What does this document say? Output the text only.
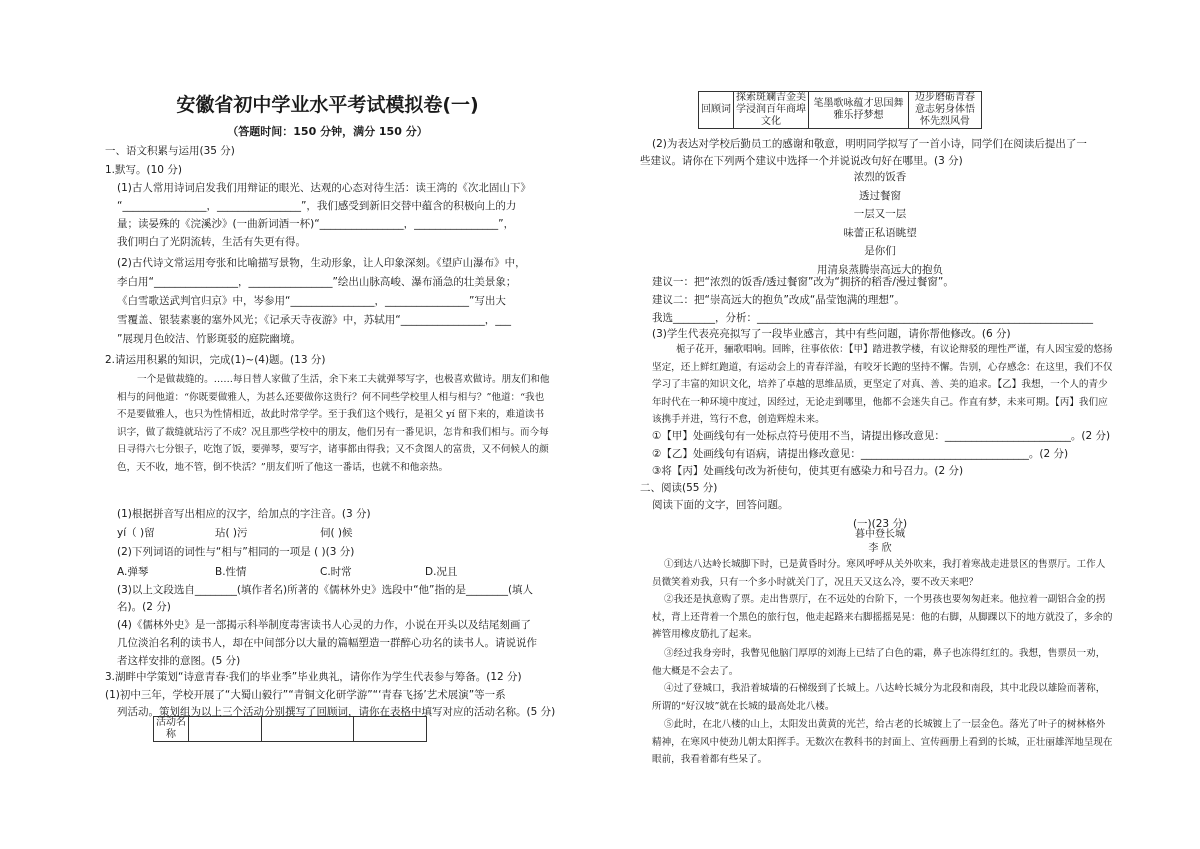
安徽省初中学业水平考试模拟卷(一)
（答题时间：150 分钟，满分 150 分）
一、语文积累与运用(35 分)
1.默写。(10 分)
(1)古人常用诗词启发我们用辩证的眼光、达观的心态对待生活：读王湾的《次北固山下》
“________________，________________”，我们感受到新旧交替中蕴含的积极向上的力
量；读晏殊的《浣溪沙》(一曲新词酒一杯)“________________，________________”，
我们明白了光阴流转，生活有失更有得。
(2)古代诗文常运用夸张和比喻描写景物，生动形象，让人印象深刻。《望庐山瀑布》中，
李白用“________________，________________”绘出山脉高峻、瀑布涌急的壮美景象；
《白雪歌送武判官归京》中，岑参用“________________，________________”写出大
雪覆盖、银装素裹的塞外风光；《记承天寺夜游》中，苏轼用“________________，___
”展现月色皎洁、竹影斑驳的庭院幽境。
2.请运用积累的知识，完成(1)~(4)题。(13 分)
一个是做裁缝的。……每日替人家做了生活，余下来工夫就弹琴写字，也极喜欢做诗。朋友们和他相与的问他道：“你既要做雅人，为甚么还要做你这贵行？何不同些学校里人相与相与？”他道：“我也不是要做雅人，也只为性情相近，故此时常学学。至于我们这个贱行，是祖父 yí 留下来的，难道读书识字，做了裁缝就玷污了不成？况且那些学校中的朋友，他们另有一番见识，怎肯和我们相与。而今每日寻得六七分银子，吃饱了饭，要弹琴，要写字，诸事都由得我；又不贪图人的富贵，又不伺候人的颜色，天不收，地不管，倒不快活？”朋友们听了他这一番话，也就不和他亲热。
(1)根据拼音写出相应的汉字，给加点的字注音。(3 分)
yí（ )留	玷( )污	伺( )候
(2)下列词语的词性与“相与”相同的一项是 ( )(3 分)
A.弹琴	B.性情	C.时常	D.况且
(3)以上文段选自________(填作者名)所著的《儒林外史》选段中“他”指的是________(填人
名)。(2 分)
(4)《儒林外史》是一部揭示科举制度毒害读书人心灵的力作，小说在开头以及结尾刻画了
几位淡泊名利的读书人，却在中间部分以大量的篇幅塑造一群醉心功名的读书人。请说说作
者这样安排的意图。(5 分)
3.湖畔中学策划“诗意青春·我们的毕业季”毕业典礼，请你作为学生代表参与筹备。(12 分)
(1)初中三年，学校开展了“大蜀山毅行”“青铜文化研学游”“‘青春飞扬’艺术展演”等一系
列活动。策划组为以上三个活动分别撰写了回顾词，请你在表格中填写对应的活动名称。(5 分)
活动名称			
回顾词	探索斑斓吉金美学浸润百年商埠文化	笔墨歌咏蕴才思国舞雅乐抒梦想	迈步磨砺青春意志躬身体悟怀先烈风骨
(2)为表达对学校后勤员工的感谢和敬意，明明同学拟写了一首小诗，同学们在阅读后提出了一
些建议。请你在下列两个建议中选择一个并说说改句好在哪里。(3 分)
浓烈的饭香
透过餐窗
一层又一层
味蕾正私语眺望
是你们
用清泉蒸腾崇高远大的抱负
建议一：把“浓烈的饭香/透过餐窗”改为“拥挤的稻香/漫过餐窗”。
建议二：把“崇高远大的抱负”改成“晶莹饱满的理想”。
我选________，分析：________________________________________________________________
(3)学生代表亮亮拟写了一段毕业感言，其中有些问题，请你帮他修改。(6 分)
栀子花开，骊歌唱响。回眸，往事依依：【甲】踏进教学楼，有议论辩驳的理性严谨，有人因宝爱的悠扬坚定，还上鲜红跑道，有运动会上的青春洋溢，有咬牙长跑的坚持不懈。告别，心存感念：在这里，我们不仅学习了丰富的知识文化，培养了卓越的思维品质，更坚定了对真、善、美的追求。【乙】我想，一个人的青少年时代在一种环境中度过，因经过，无论走到哪里，他都不会迷失自己。作直有梦，未来可期。【丙】我们应该携手并进，笃行不怠，创造辉煌未来。
①【甲】处画线句有一处标点符号使用不当，请提出修改意见：________________________。(2 分)
②【乙】处画线句有语病，请提出修改意见：________________________________。(2 分)
③将【丙】处画线句改为祈使句，使其更有感染力和号召力。(2 分)
二、阅读(55 分)
阅读下面的文字，回答问题。
(一)(23 分)
暮中登长城
李 欣
①到达八达岭长城脚下时，已是黄昏时分。寒风呼呼从关外吹来，我打着寒战走进景区的售票厅。工作人员微笑着劝我，只有一个多小时就关门了，况且天又这么冷，要不改天来吧？
②我还是执意购了票。走出售票厅，在不远处的台阶下，一个男孩也要匆匆赶来。他拉着一副铝合金的拐杖，背上还背着一个黑色的旅行包，他走起路来右脚摇摇晃晃：他的右脚，从脚踝以下的地方就没了，多余的裤管用橡皮筋扎了起来。
③经过我身旁时，我瞥见他脑门厚厚的刘海上已结了白色的霜，鼻子也冻得红红的。我想，售票员一劝，他大概是不会去了。
④过了登城口，我沿着城墙的石梯级到了长城上。八达岭长城分为北段和南段，其中北段以雄险而著称，所谓的“好汉坡”就在长城的最高处北八楼。
⑤此时，在北八楼的山上，太阳发出黄黄的光芒，给古老的长城镀上了一层金色。落光了叶子的树林格外精神，在寒风中使劲儿朝太阳挥手。无数次在教科书的封面上、宣传画册上看到的长城，正壮丽雄浑地呈现在眼前，我看着都有些呆了。
